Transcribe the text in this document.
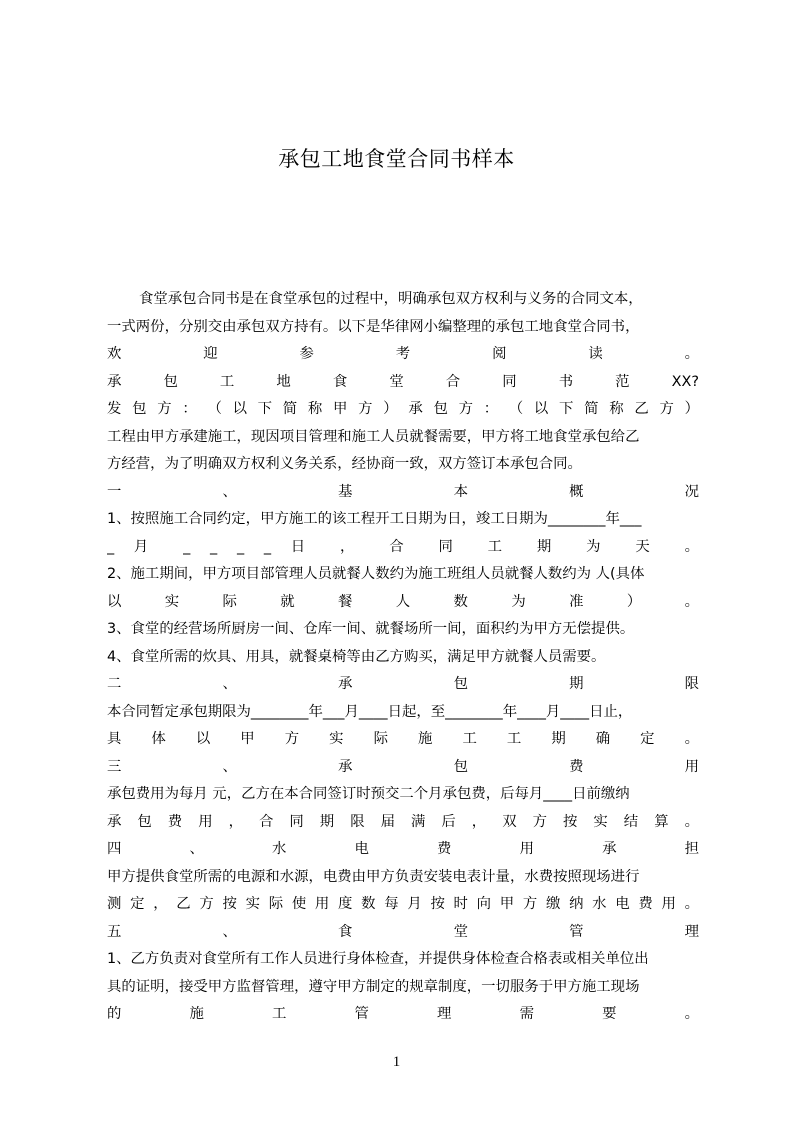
承包工地食堂合同书样本
食堂承包合同书是在食堂承包的过程中，明确承包双方权利与义务的合同文本，
一式两份，分别交由承包双方持有。以下是华律网小编整理的承包工地食堂合同书，
欢 迎 参 考 阅 读 。
承 包 工 地 食 堂 合 同 书 范 XX?
发 包 方 ： （ 以 下 简 称 甲 方 ） 承 包 方 ： （ 以 下 简 称 乙 方 ）
工程由甲方承建施工，现因项目管理和施工人员就餐需要，甲方将工地食堂承包给乙
方经营，为了明确双方权利义务关系，经协商一致，双方签订本承包合同。
一 、 基 本 概 况
1、按照施工合同约定，甲方施工的该工程开工日期为日，竣工日期为________年___
_ 月 _ _ _ _ 日 ， 合 同 工 期 为 天 。
2、施工期间，甲方项目部管理人员就餐人数约为施工班组人员就餐人数约为 人(具体
以 实 际 就 餐 人 数 为 准 ） 。
3、食堂的经营场所厨房一间、仓库一间、就餐场所一间，面积约为甲方无偿提供。
4、食堂所需的炊具、用具，就餐桌椅等由乙方购买，满足甲方就餐人员需要。
二 、 承 包 期 限
本合同暂定承包期限为________年___月____日起，至________年____月____日止，
具 体 以 甲 方 实 际 施 工 工 期 确 定 。
三 、 承 包 费 用
承包费用为每月 元，乙方在本合同签订时预交二个月承包费，后每月____日前缴纳
承 包 费 用 ， 合 同 期 限 届 满 后 ， 双 方 按 实 结 算 。
四 、 水 电 费 用 承 担
甲方提供食堂所需的电源和水源，电费由甲方负责安装电表计量，水费按照现场进行
测 定 ， 乙 方 按 实 际 使 用 度 数 每 月 按 时 向 甲 方 缴 纳 水 电 费 用 。
五 、 食 堂 管 理
1、乙方负责对食堂所有工作人员进行身体检查，并提供身体检查合格表或相关单位出
具的证明，接受甲方监督管理，遵守甲方制定的规章制度，一切服务于甲方施工现场
的 施 工 管 理 需 要 。
1
